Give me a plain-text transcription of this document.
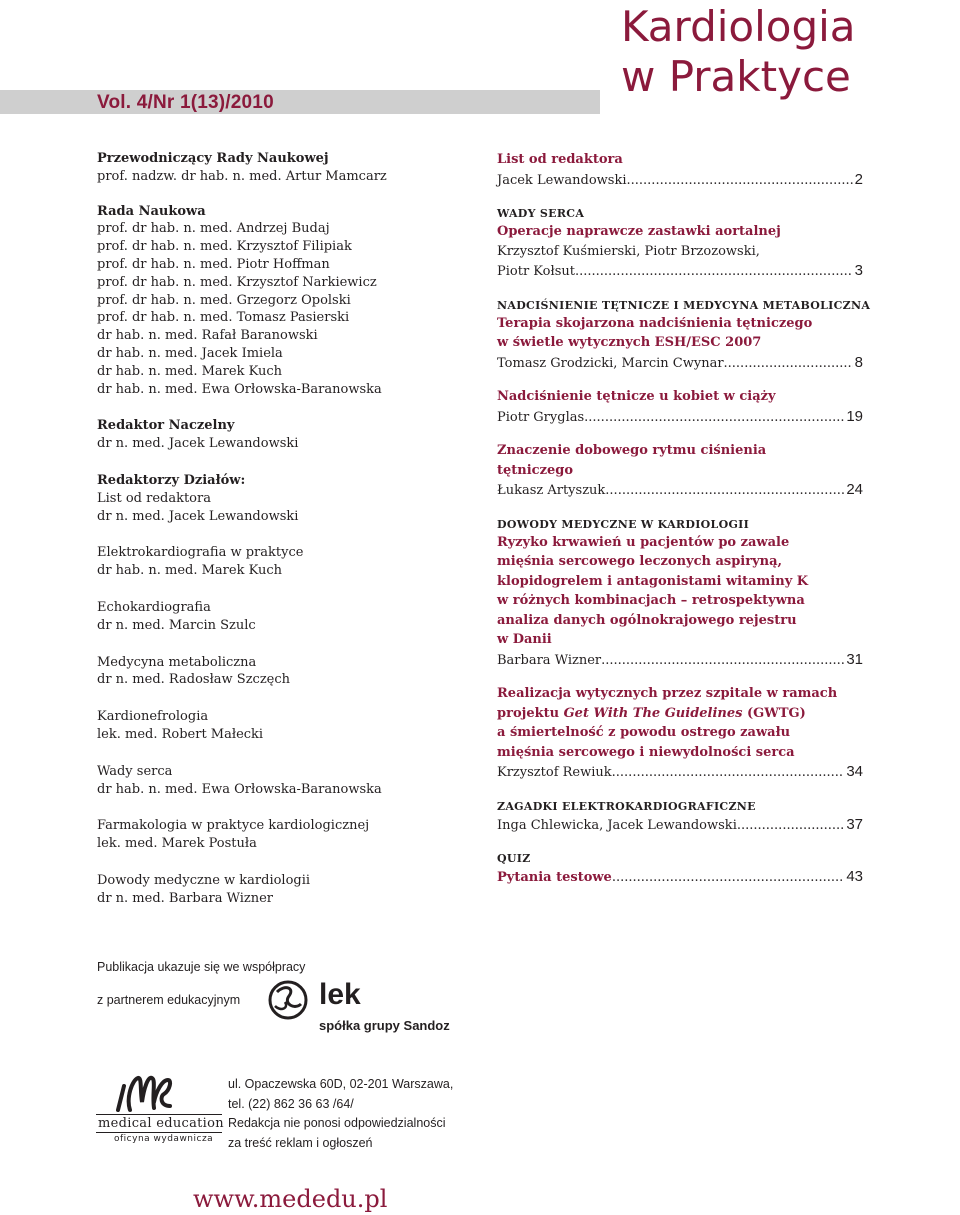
Vol. 4/Nr 1(13)/2010
Kardiologia
w Praktyce
Przewodniczący Rady Naukowej
prof. nadzw. dr hab. n. med. Artur Mamcarz
Rada Naukowa
prof. dr hab. n. med. Andrzej Budaj
prof. dr hab. n. med. Krzysztof Filipiak
prof. dr hab. n. med. Piotr Hoffman
prof. dr hab. n. med. Krzysztof Narkiewicz
prof. dr hab. n. med. Grzegorz Opolski
prof. dr hab. n. med. Tomasz Pasierski
dr hab. n. med. Rafał Baranowski
dr hab. n. med. Jacek Imiela
dr hab. n. med. Marek Kuch
dr hab. n. med. Ewa Orłowska-Baranowska
Redaktor Naczelny
dr n. med. Jacek Lewandowski
Redaktorzy Działów:
List od redaktora
dr n. med. Jacek Lewandowski
Elektrokardiografia w praktyce
dr hab. n. med. Marek Kuch
Echokardiografia
dr n. med. Marcin Szulc
Medycyna metaboliczna
dr n. med. Radosław Szczęch
Kardionefrologia
lek. med. Robert Małecki
Wady serca
dr hab. n. med. Ewa Orłowska-Baranowska
Farmakologia w praktyce kardiologicznej
lek. med. Marek Postuła
Dowody medyczne w kardiologii
dr n. med. Barbara Wizner
List od redaktora
Jacek Lewandowski .....	2
WADY SERCA
Operacje naprawcze zastawki aortalnej
Krzysztof Kuśmierski, Piotr Brzozowski,
Piotr Kołsut .....	3
NADCIŚNIENIE TĘTNICZE I MEDYCYNA METABOLICZNA
Terapia skojarzona nadciśnienia tętniczego
w świetle wytycznych ESH/ESC 2007
Tomasz Grodzicki, Marcin Cwynar .....	8
Nadciśnienie tętnicze u kobiet w ciąży
Piotr Gryglas .....	19
Znaczenie dobowego rytmu ciśnienia
tętniczego
Łukasz Artyszuk .....	24
DOWODY MEDYCZNE W KARDIOLOGII
Ryzyko krwawień u pacjentów po zawale
mięśnia sercowego leczonych aspiryną,
klopidogrelem i antagonistami witaminy K
w różnych kombinacjach – retrospektywna
analiza danych ogólnokrajowego rejestru
w Danii
Barbara Wizner .....	31
Realizacja wytycznych przez szpitale w ramach
projektu Get With The Guidelines (GWTG)
a śmiertelność z powodu ostrego zawału
mięśnia sercowego i niewydolności serca
Krzysztof Rewiuk .....	34
ZAGADKI ELEKTROKARDIOGRAFICZNE
Inga Chlewicka, Jacek Lewandowski .....	37
QUIZ
Pytania testowe .....	43
Publikacja ukazuje się we współpracy
z partnerem edukacyjnym	lek
spółka grupy Sandoz
medical education
oficyna wydawnicza
ul. Opaczewska 60D, 02-201 Warszawa,
tel. (22) 862 36 63 /64/
Redakcja nie ponosi odpowiedzialności
za treść reklam i ogłoszeń
www.mededu.pl
